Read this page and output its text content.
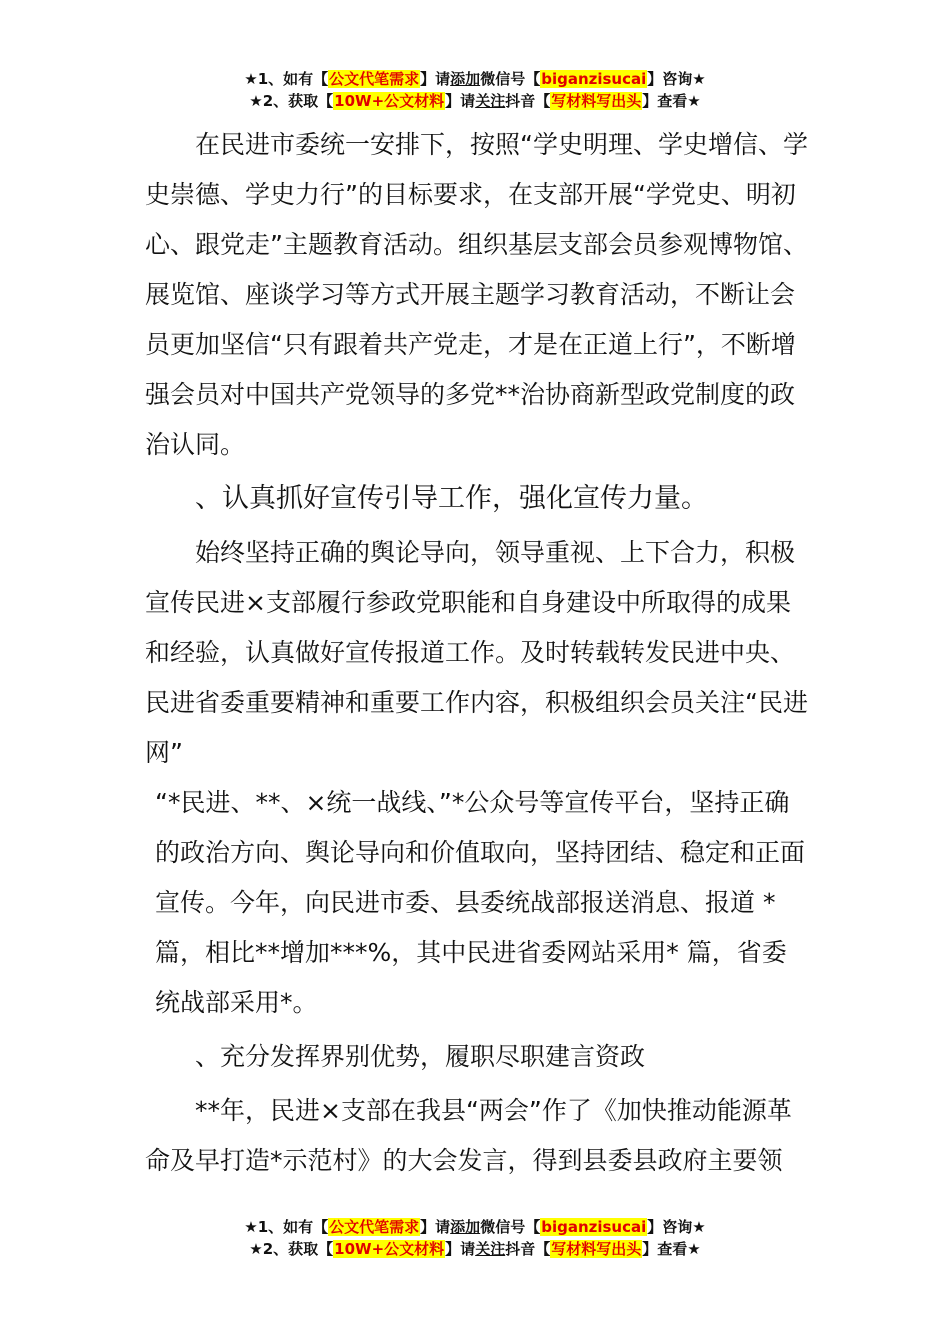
★1、如有【公文代笔需求】请添加微信号【biganzisucai】咨询★
★2、获取【10W+公文材料】请关注抖音【写材料写出头】查看★

在民进市委统一安排下，按照“学史明理、学史增信、学史崇德、学史力行”的目标要求，在支部开展“学党史、明初心、跟党走”主题教育活动。组织基层支部会员参观博物馆、展览馆、座谈学习等方式开展主题学习教育活动，不断让会员更加坚信“只有跟着共产党走，才是在正道上行”，不断增强会员对中国共产党领导的多党**治协商新型政党制度的政治认同。

、认真抓好宣传引导工作，强化宣传力量。

始终坚持正确的舆论导向，领导重视、上下合力，积极宣传民进×支部履行参政党职能和自身建设中所取得的成果和经验，认真做好宣传报道工作。及时转载转发民进中央、民进省委重要精神和重要工作内容，积极组织会员关注“民进网”

“*民进、**、×统一战线、”*公众号等宣传平台，坚持正确的政治方向、舆论导向和价值取向，坚持团结、稳定和正面宣传。今年，向民进市委、县委统战部报送消息、报道 *篇，相比**增加***%，其中民进省委网站采用* 篇，省委统战部采用*。

、充分发挥界别优势，履职尽职建言资政

**年，民进×支部在我县“两会”作了《加快推动能源革命及早打造*示范村》的大会发言，得到县委县政府主要领

★1、如有【公文代笔需求】请添加微信号【biganzisucai】咨询★
★2、获取【10W+公文材料】请关注抖音【写材料写出头】查看★
